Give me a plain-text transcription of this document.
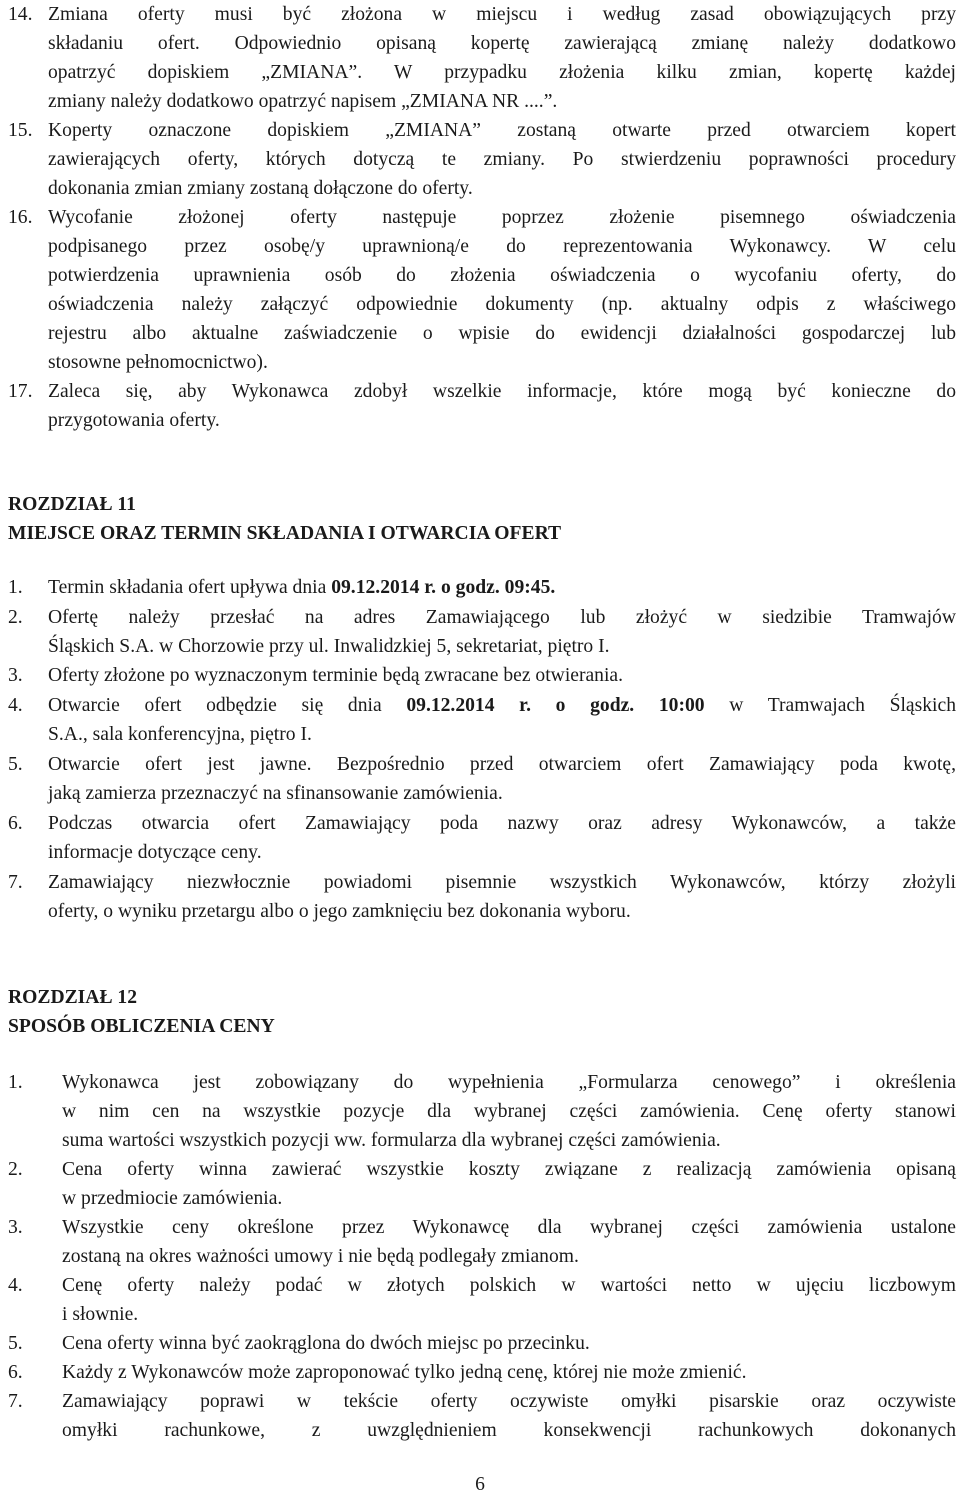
14. Zmiana oferty musi być złożona w miejscu i według zasad obowiązujących przy
składaniu ofert. Odpowiednio opisaną kopertę zawierającą zmianę należy dodatkowo
opatrzyć dopiskiem „ZMIANA”. W przypadku złożenia kilku zmian, kopertę każdej
zmiany należy dodatkowo opatrzyć napisem „ZMIANA NR ....”.
15. Koperty oznaczone dopiskiem „ZMIANA” zostaną otwarte przed otwarciem kopert
zawierających oferty, których dotyczą te zmiany. Po stwierdzeniu poprawności procedury
dokonania zmian zmiany zostaną dołączone do oferty.
16. Wycofanie złożonej oferty następuje poprzez złożenie pisemnego oświadczenia
podpisanego przez osobę/y uprawnioną/e do reprezentowania Wykonawcy. W celu
potwierdzenia uprawnienia osób do złożenia oświadczenia o wycofaniu oferty, do
oświadczenia należy załączyć odpowiednie dokumenty (np. aktualny odpis z właściwego
rejestru albo aktualne zaświadczenie o wpisie do ewidencji działalności gospodarczej lub
stosowne pełnomocnictwo).
17. Zaleca się, aby Wykonawca zdobył wszelkie informacje, które mogą być konieczne do
przygotowania oferty.
ROZDZIAŁ 11
MIEJSCE ORAZ TERMIN SKŁADANIA I OTWARCIA OFERT
1. Termin składania ofert upływa dnia 09.12.2014 r. o godz. 09:45.
2. Ofertę należy przesłać na adres Zamawiającego lub złożyć w siedzibie Tramwajów
Śląskich S.A. w Chorzowie przy ul. Inwalidzkiej 5, sekretariat, piętro I.
3. Oferty złożone po wyznaczonym terminie będą zwracane bez otwierania.
4. Otwarcie ofert odbędzie się dnia 09.12.2014 r. o godz. 10:00 w Tramwajach Śląskich
S.A., sala konferencyjna, piętro I.
5. Otwarcie ofert jest jawne. Bezpośrednio przed otwarciem ofert Zamawiający poda kwotę,
jaką zamierza przeznaczyć na sfinansowanie zamówienia.
6. Podczas otwarcia ofert Zamawiający poda nazwy oraz adresy Wykonawców, a także
informacje dotyczące ceny.
7. Zamawiający niezwłocznie powiadomi pisemnie wszystkich Wykonawców, którzy złożyli
oferty, o wyniku przetargu albo o jego zamknięciu bez dokonania wyboru.
ROZDZIAŁ 12
SPOSÓB OBLICZENIA CENY
1. Wykonawca jest zobowiązany do wypełnienia „Formularza cenowego” i określenia
w nim cen na wszystkie pozycje dla wybranej części zamówienia. Cenę oferty stanowi
suma wartości wszystkich pozycji ww. formularza dla wybranej części zamówienia.
2. Cena oferty winna zawierać wszystkie koszty związane z realizacją zamówienia opisaną
w przedmiocie zamówienia.
3. Wszystkie ceny określone przez Wykonawcę dla wybranej części zamówienia ustalone
zostaną na okres ważności umowy i nie będą podlegały zmianom.
4. Cenę oferty należy podać w złotych polskich w wartości netto w ujęciu liczbowym
i słownie.
5. Cena oferty winna być zaokrąglona do dwóch miejsc po przecinku.
6. Każdy z Wykonawców może zaproponować tylko jedną cenę, której nie może zmienić.
7. Zamawiający poprawi w tekście oferty oczywiste omyłki pisarskie oraz oczywiste
omyłki rachunkowe, z uwzględnieniem konsekwencji rachunkowych dokonanych
6
